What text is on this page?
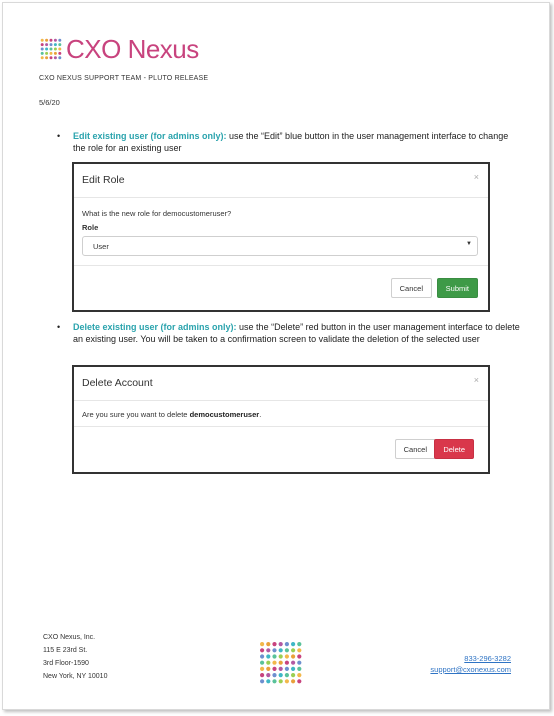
CXO Nexus
CXO NEXUS SUPPORT TEAM - PLUTO RELEASE
5/6/20
• Edit existing user (for admins only): use the “Edit” blue button in the user management interface to change the role for an existing user
Edit Role	×
What is the new role for democustomeruser?
Role
User	▼
Cancel	Submit
• Delete existing user (for admins only): use the “Delete” red button in the user management interface to delete an existing user. You will be taken to a confirmation screen to validate the deletion of the selected user
Delete Account	×
Are you sure you want to delete democustomeruser.
Cancel	Delete
CXO Nexus, Inc.
115 E 23rd St.
3rd Floor-1590
New York, NY 10010
833-296-3282
support@cxonexus.com
